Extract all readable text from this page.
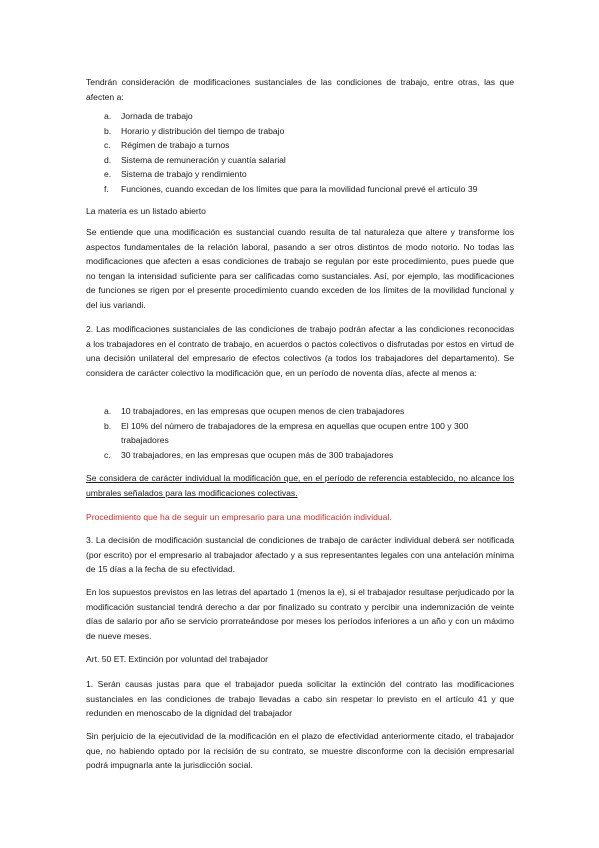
Tendrán consideración de modificaciones sustanciales de las condiciones de trabajo, entre otras, las que afecten a:

a. Jornada de trabajo
b. Horario y distribución del tiempo de trabajo
c. Régimen de trabajo a turnos
d. Sistema de remuneración y cuantía salarial
e. Sistema de trabajo y rendimiento
f. Funciones, cuando excedan de los límites que para la movilidad funcional prevé el artículo 39

La materia es un listado abierto

Se entiende que una modificación es sustancial cuando resulta de tal naturaleza que altere y transforme los aspectos fundamentales de la relación laboral, pasando a ser otros distintos de modo notorio. No todas las modificaciones que afecten a esas condiciones de trabajo se regulan por este procedimiento, pues puede que no tengan la intensidad suficiente para ser calificadas como sustanciales. Así, por ejemplo, las modificaciones de funciones se rigen por el presente procedimiento cuando exceden de los límites de la movilidad funcional y del ius variandi.

2. Las modificaciones sustanciales de las condiciones de trabajo podrán afectar a las condiciones reconocidas a los trabajadores en el contrato de trabajo, en acuerdos o pactos colectivos o disfrutadas por estos en virtud de una decisión unilateral del empresario de efectos colectivos (a todos los trabajadores del departamento). Se considera de carácter colectivo la modificación que, en un período de noventa días, afecte al menos a:

a. 10 trabajadores, en las empresas que ocupen menos de cien trabajadores
b. El 10% del número de trabajadores de la empresa en aquellas que ocupen entre 100 y 300 trabajadores
c. 30 trabajadores, en las empresas que ocupen más de 300 trabajadores

Se considera de carácter individual la modificación que, en el período de referencia establecido, no alcance los umbrales señalados para las modificaciones colectivas.

Procedimiento que ha de seguir un empresario para una modificación individual.

3. La decisión de modificación sustancial de condiciones de trabajo de carácter individual deberá ser notificada (por escrito) por el empresario al trabajador afectado y a sus representantes legales con una antelación mínima de 15 días a la fecha de su efectividad.

En los supuestos previstos en las letras del apartado 1 (menos la e), si el trabajador resultase perjudicado por la modificación sustancial tendrá derecho a dar por finalizado su contrato y percibir una indemnización de veinte días de salario por año se servicio prorrateándose por meses los períodos inferiores a un año y con un máximo de nueve meses.

Art. 50 ET. Extinción por voluntad del trabajador

1. Serán causas justas para que el trabajador pueda solicitar la extinción del contrato las modificaciones sustanciales en las condiciones de trabajo llevadas a cabo sin respetar lo previsto en el artículo 41 y que redunden en menoscabo de la dignidad del trabajador

Sin perjuicio de la ejecutividad de la modificación en el plazo de efectividad anteriormente citado, el trabajador que, no habiendo optado por la recisión de su contrato, se muestre disconforme con la decisión empresarial podrá impugnarla ante la jurisdicción social.
